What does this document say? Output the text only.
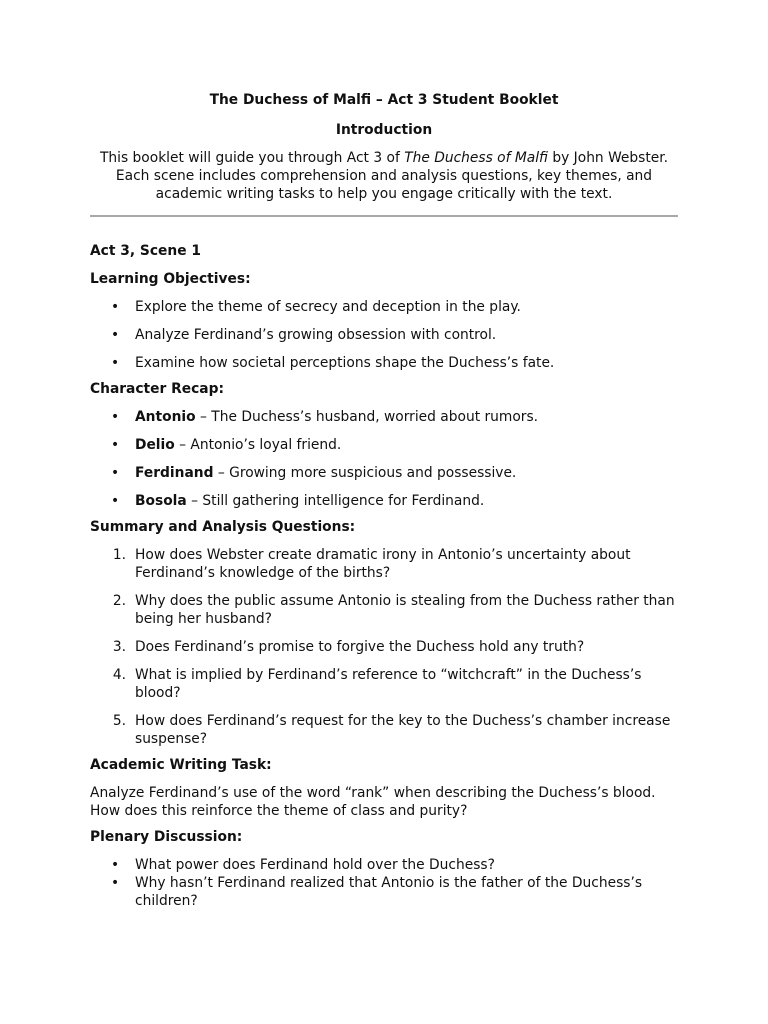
The Duchess of Malfi – Act 3 Student Booklet
Introduction

This booklet will guide you through Act 3 of The Duchess of Malfi by John Webster. Each scene includes comprehension and analysis questions, key themes, and academic writing tasks to help you engage critically with the text.

Act 3, Scene 1
Learning Objectives:
• Explore the theme of secrecy and deception in the play.
• Analyze Ferdinand’s growing obsession with control.
• Examine how societal perceptions shape the Duchess’s fate.
Character Recap:
• Antonio – The Duchess’s husband, worried about rumors.
• Delio – Antonio’s loyal friend.
• Ferdinand – Growing more suspicious and possessive.
• Bosola – Still gathering intelligence for Ferdinand.
Summary and Analysis Questions:
1. How does Webster create dramatic irony in Antonio’s uncertainty about Ferdinand’s knowledge of the births?
2. Why does the public assume Antonio is stealing from the Duchess rather than being her husband?
3. Does Ferdinand’s promise to forgive the Duchess hold any truth?
4. What is implied by Ferdinand’s reference to “witchcraft” in the Duchess’s blood?
5. How does Ferdinand’s request for the key to the Duchess’s chamber increase suspense?
Academic Writing Task:

Analyze Ferdinand’s use of the word “rank” when describing the Duchess’s blood. How does this reinforce the theme of class and purity?

Plenary Discussion:
• What power does Ferdinand hold over the Duchess?
• Why hasn’t Ferdinand realized that Antonio is the father of the Duchess’s children?
